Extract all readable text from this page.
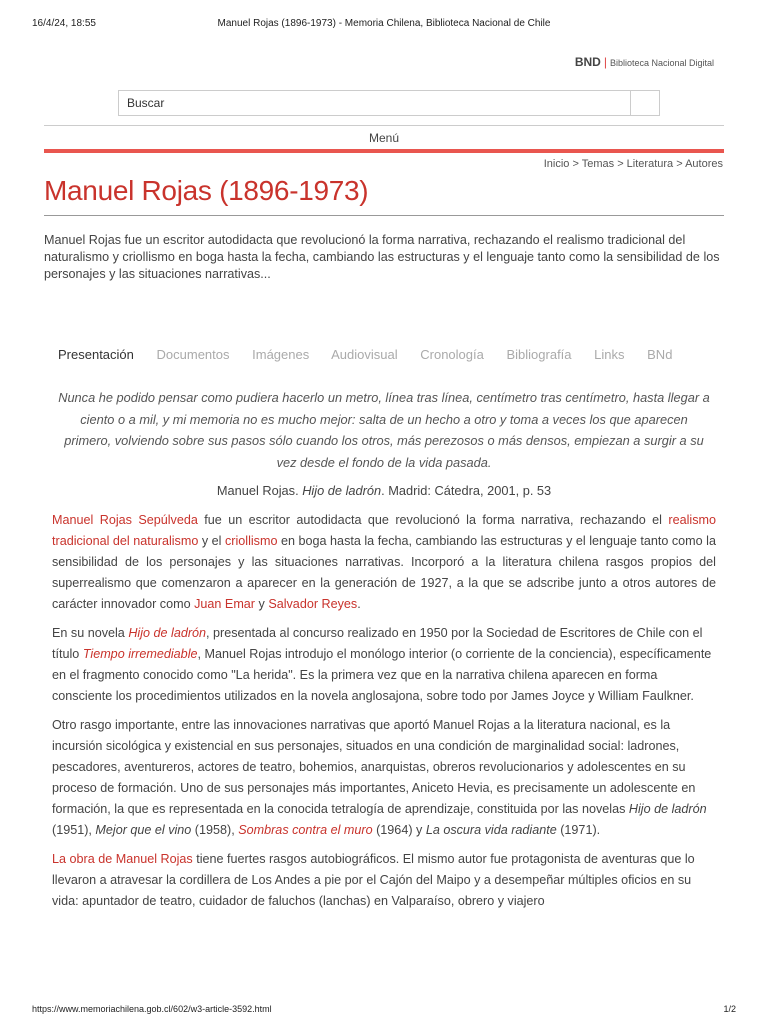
16/4/24, 18:55	Manuel Rojas (1896-1973) - Memoria Chilena, Biblioteca Nacional de Chile
BND | Biblioteca Nacional Digital
Buscar
Menú
Inicio > Temas > Literatura > Autores
Manuel Rojas (1896-1973)
Manuel Rojas fue un escritor autodidacta que revolucionó la forma narrativa, rechazando el realismo tradicional del naturalismo y criollismo en boga hasta la fecha, cambiando las estructuras y el lenguaje tanto como la sensibilidad de los personajes y las situaciones narrativas...
Presentación Documentos Imágenes Audiovisual Cronología Bibliografía Links BNd
Nunca he podido pensar como pudiera hacerlo un metro, línea tras línea, centímetro tras centímetro, hasta llegar a ciento o a mil, y mi memoria no es mucho mejor: salta de un hecho a otro y toma a veces los que aparecen primero, volviendo sobre sus pasos sólo cuando los otros, más perezosos o más densos, empiezan a surgir a su vez desde el fondo de la vida pasada.
Manuel Rojas. Hijo de ladrón. Madrid: Cátedra, 2001, p. 53

Manuel Rojas Sepúlveda fue un escritor autodidacta que revolucionó la forma narrativa, rechazando el realismo tradicional del naturalismo y el criollismo en boga hasta la fecha, cambiando las estructuras y el lenguaje tanto como la sensibilidad de los personajes y las situaciones narrativas. Incorporó a la literatura chilena rasgos propios del superrealismo que comenzaron a aparecer en la generación de 1927, a la que se adscribe junto a otros autores de carácter innovador como Juan Emar y Salvador Reyes.

En su novela Hijo de ladrón, presentada al concurso realizado en 1950 por la Sociedad de Escritores de Chile con el título Tiempo irremediable, Manuel Rojas introdujo el monólogo interior (o corriente de la conciencia), específicamente en el fragmento conocido como "La herida". Es la primera vez que en la narrativa chilena aparecen en forma consciente los procedimientos utilizados en la novela anglosajona, sobre todo por James Joyce y William Faulkner.

Otro rasgo importante, entre las innovaciones narrativas que aportó Manuel Rojas a la literatura nacional, es la incursión sicológica y existencial en sus personajes, situados en una condición de marginalidad social: ladrones, pescadores, aventureros, actores de teatro, bohemios, anarquistas, obreros revolucionarios y adolescentes en su proceso de formación. Uno de sus personajes más importantes, Aniceto Hevia, es precisamente un adolescente en formación, la que es representada en la conocida tetralogía de aprendizaje, constituida por las novelas Hijo de ladrón (1951), Mejor que el vino (1958), Sombras contra el muro (1964) y La oscura vida radiante (1971).

La obra de Manuel Rojas tiene fuertes rasgos autobiográficos. El mismo autor fue protagonista de aventuras que lo llevaron a atravesar la cordillera de Los Andes a pie por el Cajón del Maipo y a desempeñar múltiples oficios en su vida: apuntador de teatro, cuidador de faluchos (lanchas) en Valparaíso, obrero y viajero

https://www.memoriachilena.gob.cl/602/w3-article-3592.html	1/2
